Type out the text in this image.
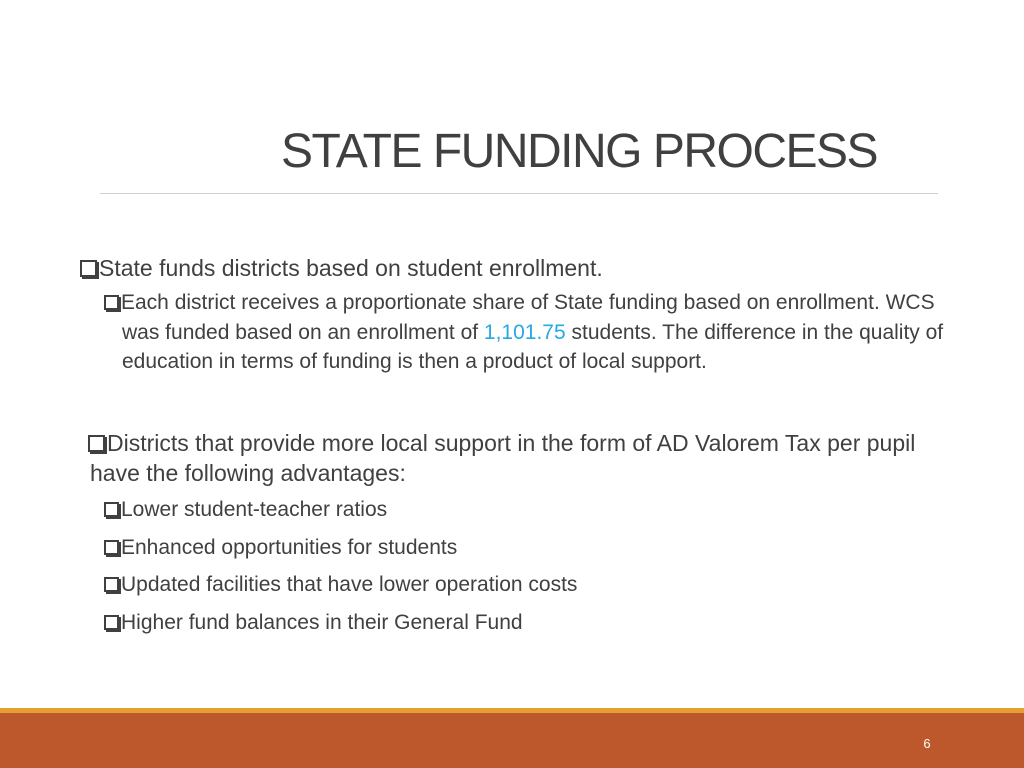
STATE FUNDING PROCESS
State funds districts based on student enrollment.
Each district receives a proportionate share of State funding based on enrollment. WCS was funded based on an enrollment of 1,101.75 students. The difference in the quality of education in terms of funding is then a product of local support.
Districts that provide more local support in the form of AD Valorem Tax per pupil have the following advantages:
Lower student-teacher ratios
Enhanced opportunities for students
Updated facilities that have lower operation costs
Higher fund balances in their General Fund
6
